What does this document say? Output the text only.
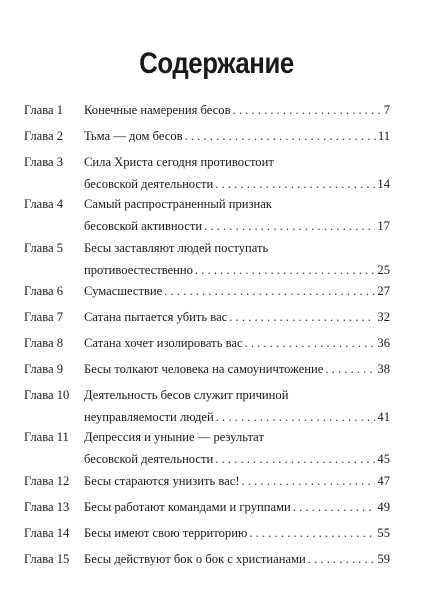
Содержание
Глава 1 Конечные намерения бесов . . .	7
Глава 2 Тьма — дом бесов . . .	11
Глава 3 Сила Христа сегодня противостоит
бесовской деятельности . . .	14
Глава 4 Самый распространенный признак
бесовской активности . . .	17
Глава 5 Бесы заставляют людей поступать
противоестественно . . .	25
Глава 6 Сумасшествие . . .	27
Глава 7 Сатана пытается убить вас . . .	32
Глава 8 Сатана хочет изолировать вас . . .	36
Глава 9 Бесы толкают человека на самоуничтожение . . .	38
Глава 10 Деятельность бесов служит причиной
неуправляемости людей . . .	41
Глава 11 Депрессия и уныние — результат
бесовской деятельности . . .	45
Глава 12 Бесы стараются унизить вас! . . .	47
Глава 13 Бесы работают командами и группами . . .	49
Глава 14 Бесы имеют свою территорию . . .	55
Глава 15 Бесы действуют бок о бок с христианами . . .	59
